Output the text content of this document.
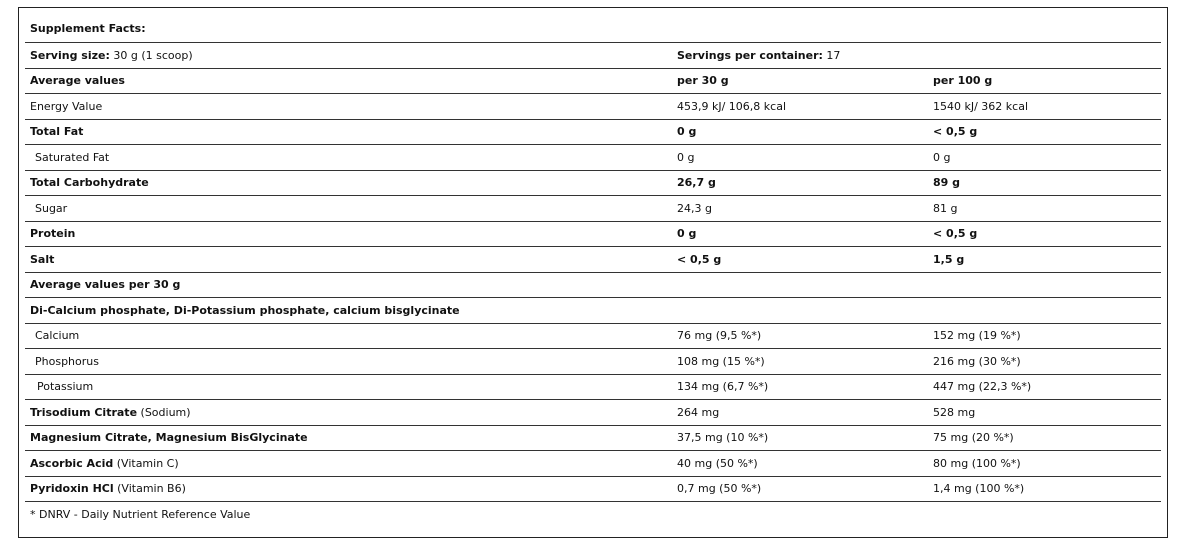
Supplement Facts:
Serving size: 30 g (1 scoop)	Servings per container: 17
Average values	per 30 g	per 100 g
Energy Value	453,9 kJ/ 106,8 kcal	1540 kJ/ 362 kcal
Total Fat	0 g	< 0,5 g
Saturated Fat	0 g	0 g
Total Carbohydrate	26,7 g	89 g
Sugar	24,3 g	81 g
Protein	0 g	< 0,5 g
Salt	< 0,5 g	1,5 g
Average values per 30 g
Di-Calcium phosphate, Di-Potassium phosphate, calcium bisglycinate
Calcium	76 mg (9,5 %*)	152 mg (19 %*)
Phosphorus	108 mg (15 %*)	216 mg (30 %*)
Potassium	134 mg (6,7 %*)	447 mg (22,3 %*)
Trisodium Citrate (Sodium)	264 mg	528 mg
Magnesium Citrate, Magnesium BisGlycinate	37,5 mg (10 %*)	75 mg (20 %*)
Ascorbic Acid (Vitamin C)	40 mg (50 %*)	80 mg (100 %*)
Pyridoxin HCl (Vitamin B6)	0,7 mg (50 %*)	1,4 mg (100 %*)
* DNRV - Daily Nutrient Reference Value
